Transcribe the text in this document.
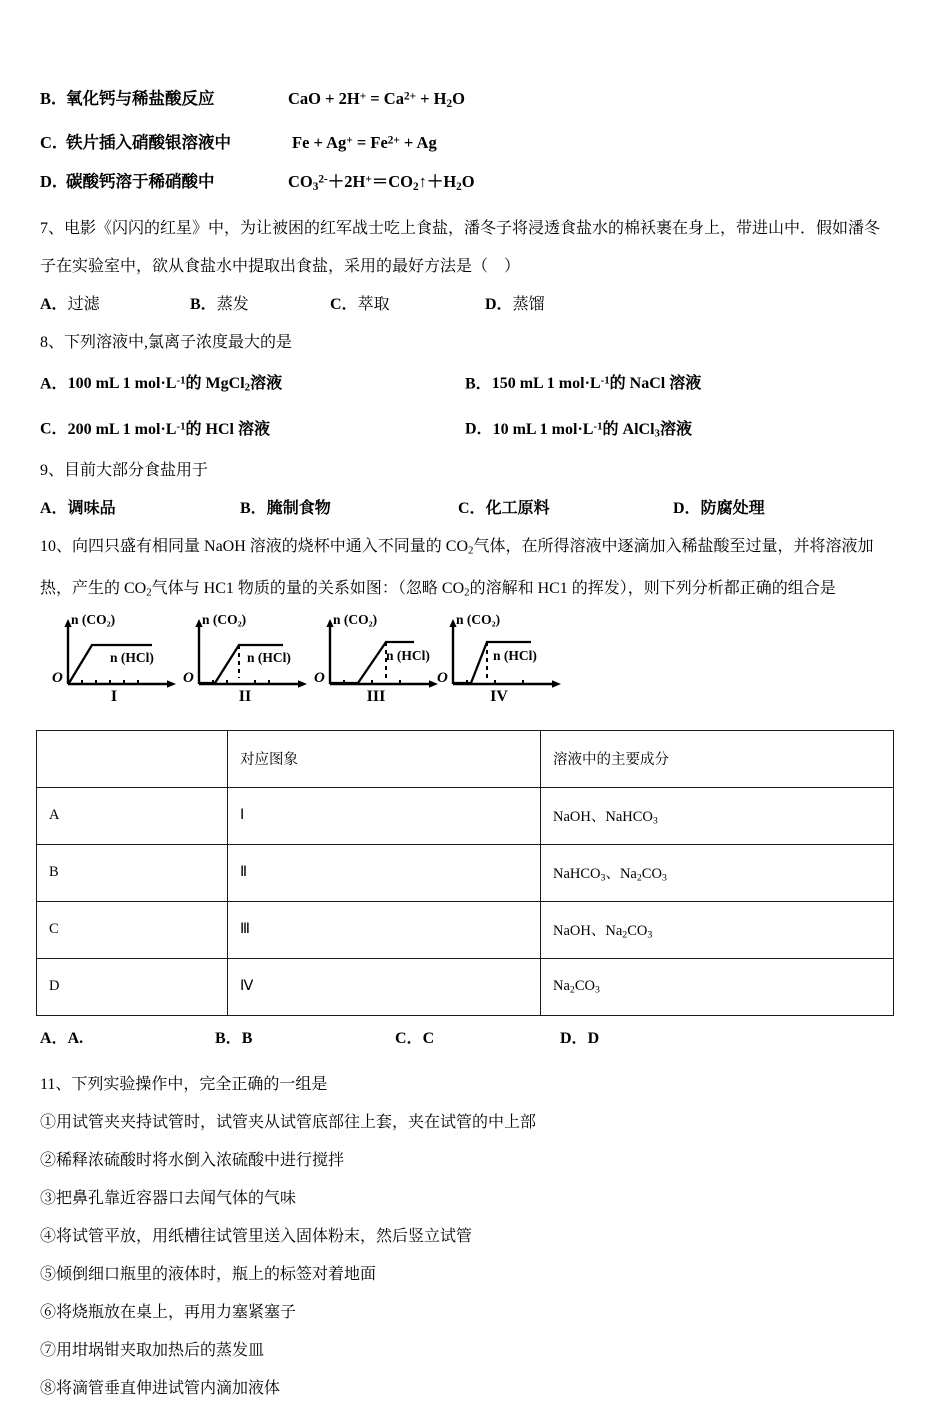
B．氧化钙与稀盐酸反应	CaO + $2H^+ = Ca^{2+} + H_2O$
C．铁片插入硝酸银溶液中	$Fe + Ag^+ = Fe^{2+} + Ag$
D．碳酸钙溶于稀硝酸中	$CO_3^{2-}+2H^+=CO_2↑+H_2O$
7、电影《闪闪的红星》中，为让被困的红军战士吃上食盐，潘冬子将浸透食盐水的棉袄裹在身上，带进山中．假如潘冬
子在实验室中，欲从食盐水中提取出食盐，采用的最好方法是（　）
A．过滤	B．蒸发	C．萃取	D．蒸馏
8、下列溶液中,氯离子浓度最大的是
A．100 mL 1 $mol\cdot L^{-1}$的 MgCl$_2$溶液	B．150 mL 1 $mol\cdot L^{-1}$的 NaCl 溶液
C．200 mL 1 $mol\cdot L^{-1}$的 HCl 溶液	D．10 mL 1 $mol\cdot L^{-1}$的 AlCl$_3$溶液
9、目前大部分食盐用于
A．调味品	B．腌制食物	C．化工原料	D．防腐处理
10、向四只盛有相同量 NaOH 溶液的烧杯中通入不同量的 $CO_2$气体，在所得溶液中逐滴加入稀盐酸至过量，并将溶液加
热，产生的 $CO_2$气体与 HC1 物质的量的关系如图：（忽略 $CO_2$的溶解和 HC1 的挥发），则下列分析都正确的组合是
n (CO₂)
n (HCl)
O
I
n (CO₂)
n (HCl)
O
II
n (CO₂)
n (HCl)
O
III
n (CO₂)
n (HCl)
O
IV
	对应图象	溶液中的主要成分
A	Ⅰ	NaOH、NaHCO$_3$
B	Ⅱ	NaHCO$_3$、$Na_2CO_3$
C	Ⅲ	NaOH、$Na_2CO_3$
D	Ⅳ	$Na_2CO_3$
A．A.	B．B	C．C	D．D
11、下列实验操作中，完全正确的一组是
①用试管夹夹持试管时，试管夹从试管底部往上套，夹在试管的中上部
②稀释浓硫酸时将水倒入浓硫酸中进行搅拌
③把鼻孔靠近容器口去闻气体的气味
④将试管平放，用纸槽往试管里送入固体粉末，然后竖立试管
⑤倾倒细口瓶里的液体时，瓶上的标签对着地面
⑥将烧瓶放在桌上，再用力塞紧塞子
⑦用坩埚钳夹取加热后的蒸发皿
⑧将滴管垂直伸进试管内滴加液体
